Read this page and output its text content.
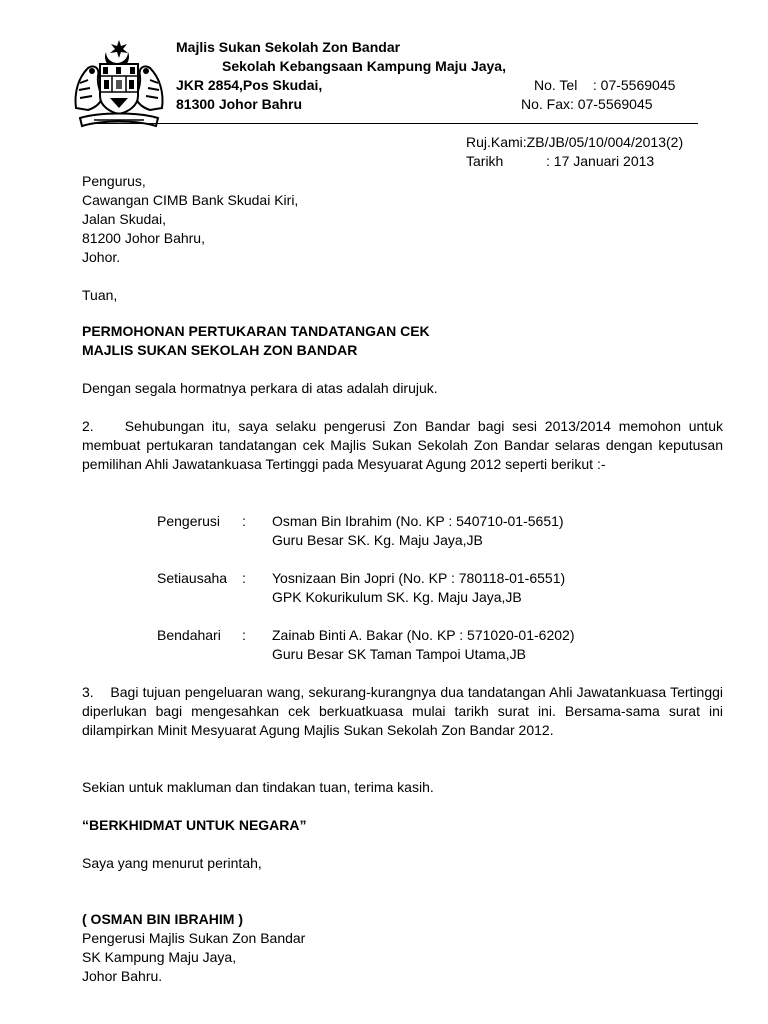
Majlis Sukan Sekolah Zon Bandar
Sekolah Kebangsaan Kampung Maju Jaya,
JKR 2854,Pos Skudai,
81300 Johor Bahru
No. Tel    : 07-5569045
No. Fax: 07-5569045
Ruj.Kami:ZB/JB/05/10/004/2013(2)
Tarikh	: 17 Januari 2013
Pengurus,
Cawangan CIMB Bank Skudai Kiri,
Jalan Skudai,
81200 Johor Bahru,
Johor.
Tuan,
PERMOHONAN PERTUKARAN TANDATANGAN CEK
MAJLIS SUKAN SEKOLAH ZON BANDAR
Dengan segala hormatnya perkara di atas adalah dirujuk.
2.    Sehubungan itu, saya selaku pengerusi Zon Bandar bagi sesi 2013/2014 memohon untuk membuat pertukaran tandatangan cek Majlis Sukan Sekolah Zon Bandar selaras dengan keputusan pemilihan Ahli Jawatankuasa Tertinggi pada Mesyuarat Agung 2012 seperti berikut :-
Pengerusi : Osman Bin Ibrahim (No. KP : 540710-01-5651)
Guru Besar SK. Kg. Maju Jaya,JB
Setiausaha : Yosnizaan Bin Jopri (No. KP : 780118-01-6551)
GPK Kokurikulum SK. Kg. Maju Jaya,JB
Bendahari : Zainab Binti A. Bakar (No. KP : 571020-01-6202)
Guru Besar SK Taman Tampoi Utama,JB
3.    Bagi tujuan pengeluaran wang, sekurang-kurangnya dua tandatangan Ahli Jawatankuasa Tertinggi diperlukan bagi mengesahkan cek berkuatkuasa mulai tarikh surat ini. Bersama-sama surat ini dilampirkan Minit Mesyuarat Agung Majlis Sukan Sekolah Zon Bandar 2012.
Sekian untuk makluman dan tindakan tuan, terima kasih.
“BERKHIDMAT UNTUK NEGARA”
Saya yang menurut perintah,
( OSMAN BIN IBRAHIM )
Pengerusi Majlis Sukan Zon Bandar
SK Kampung Maju Jaya,
Johor Bahru.
